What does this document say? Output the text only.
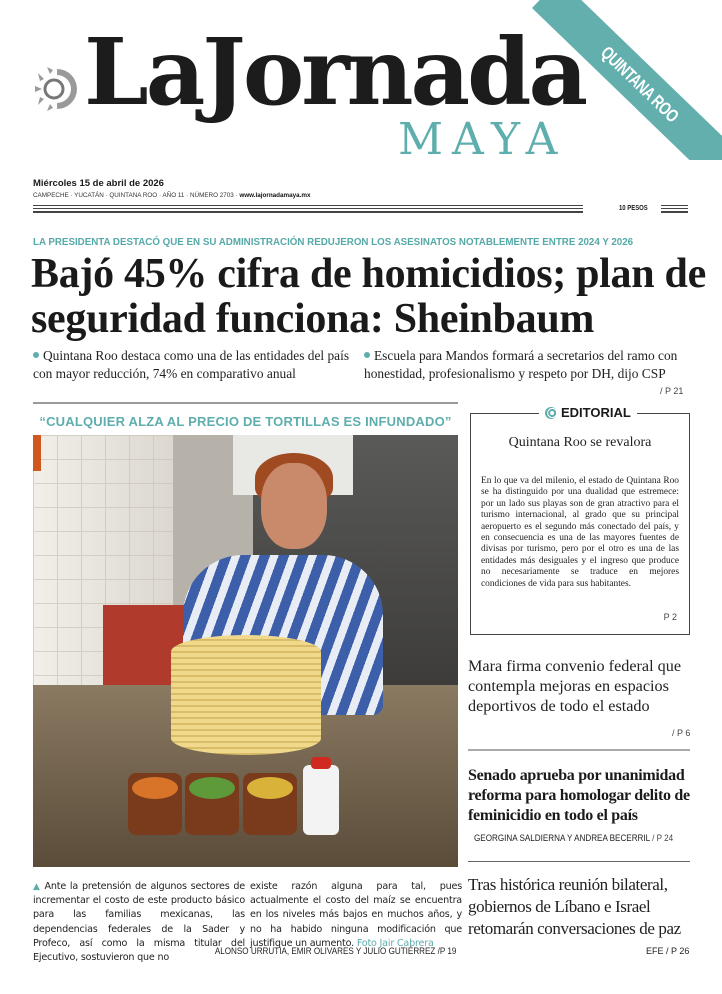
LaJornada
MAYA
QUINTANA ROO
Miércoles 15 de abril de 2026
CAMPECHE · YUCATÁN · QUINTANA ROO · AÑO 11 · NÚMERO 2703 · www.lajornadamaya.mx
10 PESOS
LA PRESIDENTA DESTACÓ QUE EN SU ADMINISTRACIÓN REDUJERON LOS ASESINATOS NOTABLEMENTE ENTRE 2024 Y 2026
Bajó 45% cifra de homicidios; plan de seguridad funciona: Sheinbaum
Quintana Roo destaca como una de las entidades del país con mayor reducción, 74% en comparativo anual
Escuela para Mandos formará a secretarios del ramo con honestidad, profesionalismo y respeto por DH, dijo CSP
/ P 21
“CUALQUIER ALZA AL PRECIO DE TORTILLAS ES INFUNDADO”
▲ Ante la pretensión de algunos sectores de incrementar el costo de este producto básico para las familias mexicanas, las dependencias federales de la Sader y Profeco, así como la misma titular del Ejecutivo, sostuvieron que no
existe razón alguna para tal, pues actualmente el costo del maíz se encuentra en los niveles más bajos en muchos años, y no ha habido ninguna modificación que justifique un aumento. Foto Jair Cabrera
ALONSO URRUTIA, EMIR OLIVARES Y JULIO GUTIÉRREZ /P 19
EDITORIAL
Quintana Roo se revalora
En lo que va del milenio, el estado de Quintana Roo se ha distinguido por una dualidad que estremece: por un lado sus playas son de gran atractivo para el turismo internacional, al grado que su principal aeropuerto es el segundo más conectado del país, y en consecuencia es una de las mayores fuentes de divisas por turismo, pero por el otro es una de las entidades más desiguales y el ingreso que produce no necesariamente se traduce en mejores condiciones de vida para sus habitantes.
P 2
Mara firma convenio federal que contempla mejoras en espacios deportivos de todo el estado
/ P 6
Senado aprueba por unanimidad reforma para homologar delito de feminicidio en todo el país
GEORGINA SALDIERNA Y ANDREA BECERRIL / P 24
Tras histórica reunión bilateral, gobiernos de Líbano e Israel retomarán conversaciones de paz
EFE / P 26
